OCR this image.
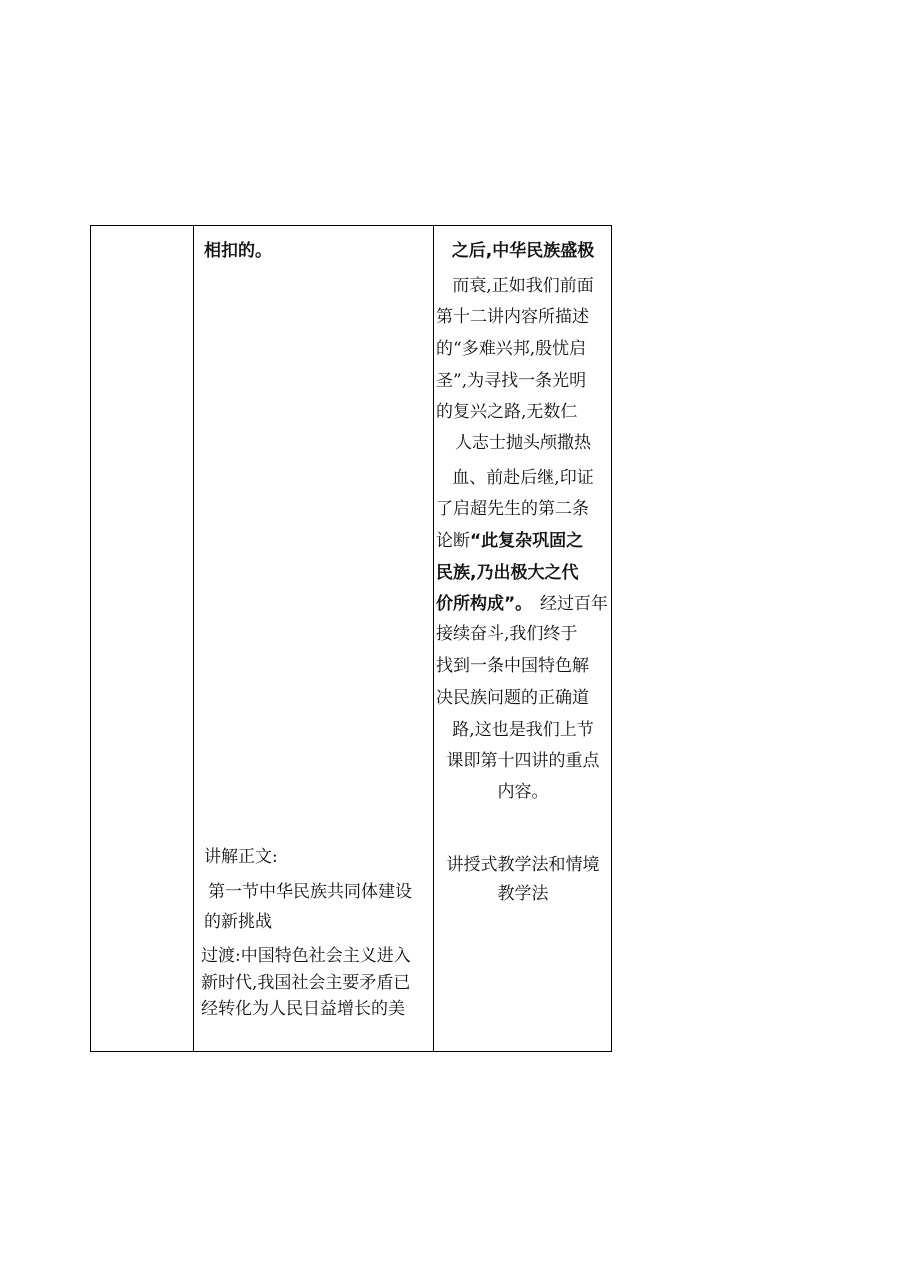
相扣的。
讲解正文:
第一节中华民族共同体建设
的新挑战
过渡:中国特色社会主义进入
新时代,我国社会主要矛盾已
经转化为人民日益增长的美
之后,中华民族盛极
而衰,正如我们前面
第十二讲内容所描述
的“多难兴邦,殷忧启
圣”,为寻找一条光明
的复兴之路,无数仁
人志士抛头颅撒热
血、前赴后继,印证
了启超先生的第二条
论断 “此复杂巩固之
民族,乃出极大之代
价所构成”。 经过百年
接续奋斗,我们终于
找到一条中国特色解
决民族问题的正确道
路,这也是我们上节
课即第十四讲的重点
内容。
讲授式教学法和情境
教学法
